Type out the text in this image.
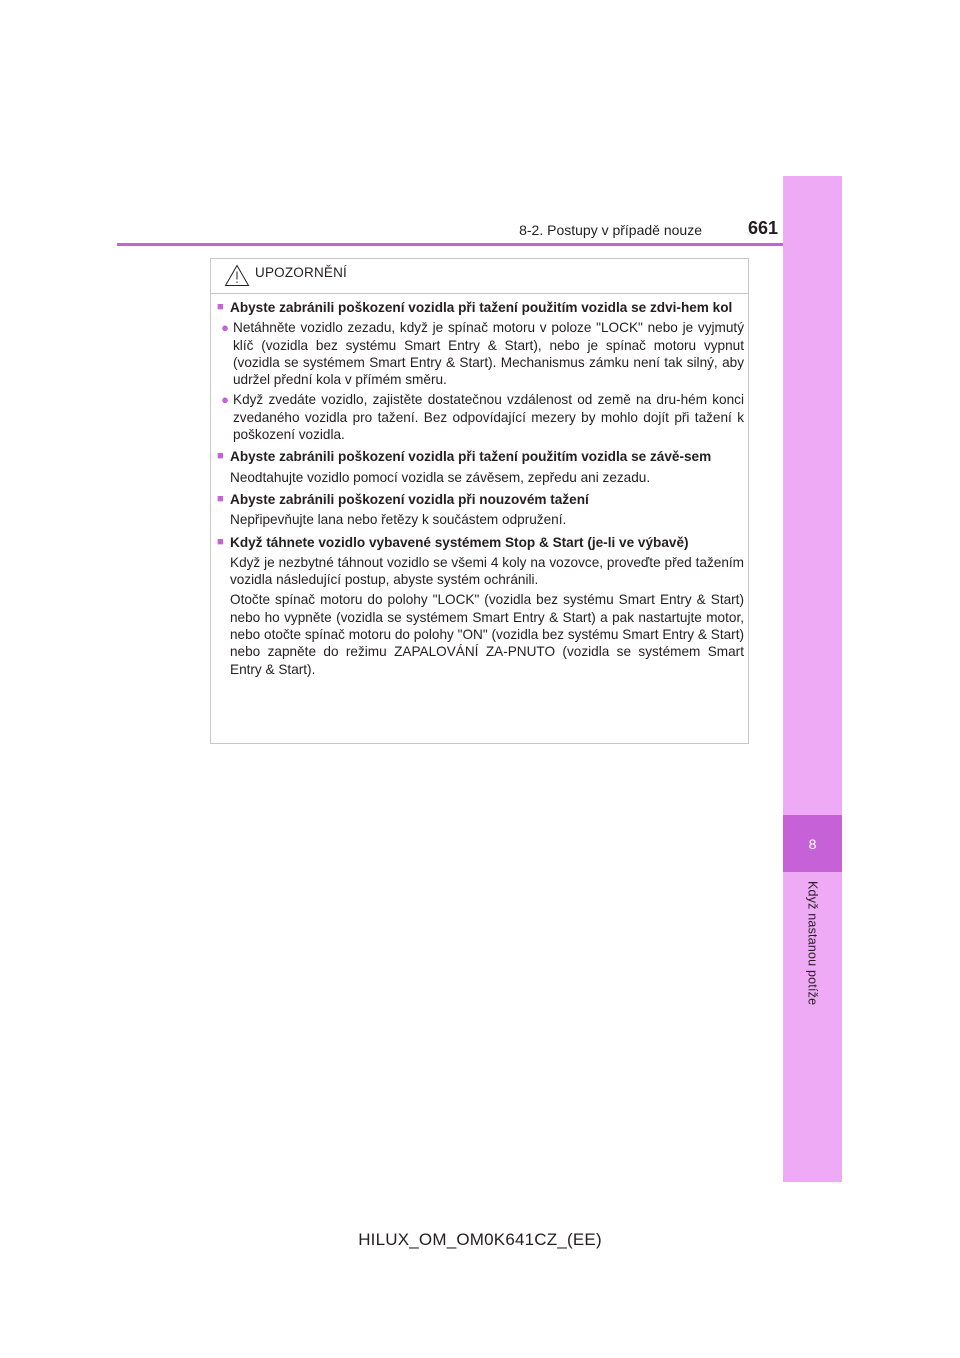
8
Když nastanou potíže
8-2. Postupy v případě nouze	661
UPOZORNĚNÍ
■ Abyste zabránili poškození vozidla při tažení použitím vozidla se zdvi-hem kol
● Netáhněte vozidlo zezadu, když je spínač motoru v poloze "LOCK" nebo je vyjmutý klíč (vozidla bez systému Smart Entry & Start), nebo je spínač motoru vypnut (vozidla se systémem Smart Entry & Start). Mechanismus zámku není tak silný, aby udržel přední kola v přímém směru.
● Když zvedáte vozidlo, zajistěte dostatečnou vzdálenost od země na dru-hém konci zvedaného vozidla pro tažení. Bez odpovídající mezery by mohlo dojít při tažení k poškození vozidla.
■ Abyste zabránili poškození vozidla při tažení použitím vozidla se závě-sem
Neodtahujte vozidlo pomocí vozidla se závěsem, zepředu ani zezadu.
■ Abyste zabránili poškození vozidla při nouzovém tažení
Nepřipevňujte lana nebo řetězy k součástem odpružení.
■ Když táhnete vozidlo vybavené systémem Stop & Start (je-li ve výbavě)
Když je nezbytné táhnout vozidlo se všemi 4 koly na vozovce, proveďte před tažením vozidla následující postup, abyste systém ochránili.
Otočte spínač motoru do polohy "LOCK" (vozidla bez systému Smart Entry & Start) nebo ho vypněte (vozidla se systémem Smart Entry & Start) a pak nastartujte motor, nebo otočte spínač motoru do polohy "ON" (vozidla bez systému Smart Entry & Start) nebo zapněte do režimu ZAPALOVÁNÍ ZA-PNUTO (vozidla se systémem Smart Entry & Start).
HILUX_OM_OM0K641CZ_(EE)
